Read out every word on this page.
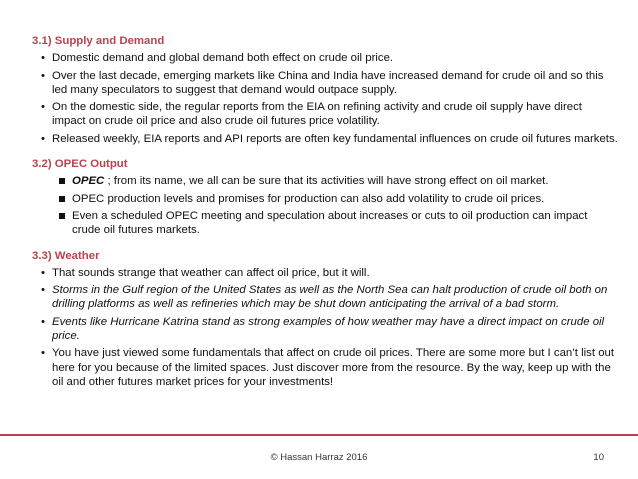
3.1) Supply and Demand
• Domestic demand and global demand both effect on crude oil price.
• Over the last decade, emerging markets like China and India have increased demand for crude oil and so this led many speculators to suggest that demand would outpace supply.
• On the domestic side, the regular reports from the EIA on refining activity and crude oil supply have direct impact on crude oil price and also crude oil futures price volatility.
• Released weekly, EIA reports and API reports are often key fundamental influences on crude oil futures markets.
3.2) OPEC Output
OPEC ; from its name, we all can be sure that its activities will have strong effect on oil market.
OPEC production levels and promises for production can also add volatility to crude oil prices.
Even a scheduled OPEC meeting and speculation about increases or cuts to oil production can impact crude oil futures markets.
3.3) Weather
• That sounds strange that weather can affect oil price, but it will.
• Storms in the Gulf region of the United States as well as the North Sea can halt production of crude oil both on drilling platforms as well as refineries which may be shut down anticipating the arrival of a bad storm.
• Events like Hurricane Katrina stand as strong examples of how weather may have a direct impact on crude oil price.
• You have just viewed some fundamentals that affect on crude oil prices. There are some more but I can’t list out here for you because of the limited spaces. Just discover more from the resource. By the way, keep up with the oil and other futures market prices for your investments!
© Hassan Harraz 2016	10
